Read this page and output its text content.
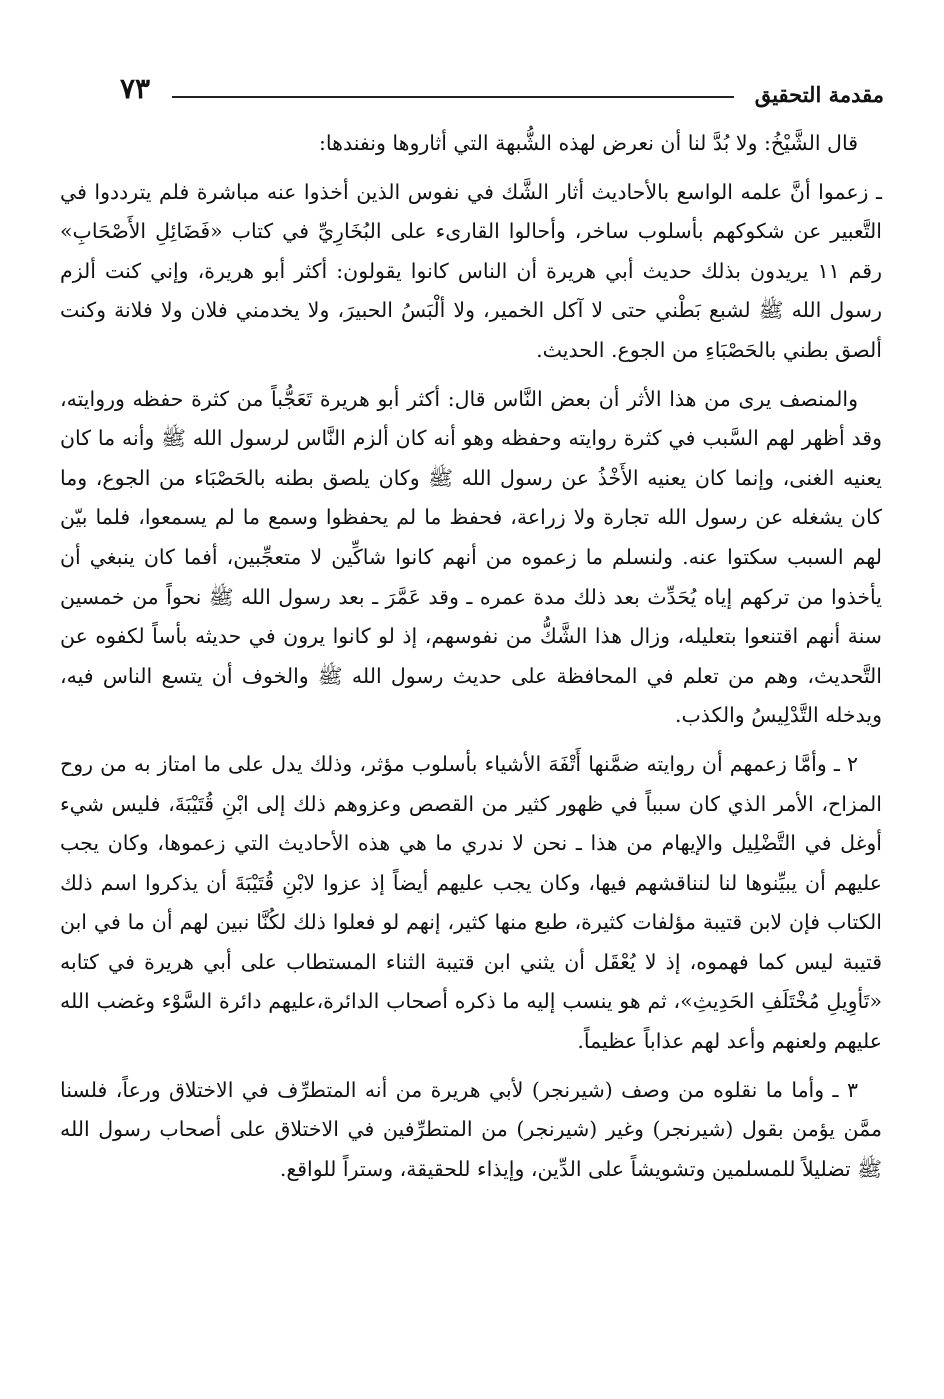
٧٣	مقدمة التحقيق

قال الشَّيْخُ: ولا بُدَّ لنا أن نعرض لهذه الشُّبهة التي أثاروها ونفندها:

ـ زعموا أنَّ علمه الواسع بالأحاديث أثار الشَّك في نفوس الذين أخذوا عنه مباشرة فلم يترددوا في التَّعبير عن شكوكهم بأسلوب ساخر، وأحالوا القارىء على البُخَارِيِّ في كتاب «فَضَائِلِ الأَصْحَابِ» رقم ١١ يريدون بذلك حديث أبي هريرة أن الناس كانوا يقولون: أكثر أبو هريرة، وإني كنت ألزم رسول الله ﷺ لشبع بَطْني حتى لا آكل الخمير، ولا ألْبَسُ الحبيرَ، ولا يخدمني فلان ولا فلانة وكنت ألصق بطني بالحَصْبَاءِ من الجوع. الحديث.

والمنصف يرى من هذا الأثر أن بعض النَّاس قال: أكثر أبو هريرة تَعَجُّباً من كثرة حفظه وروايته، وقد أظهر لهم السَّبب في كثرة روايته وحفظه وهو أنه كان ألزم النَّاس لرسول الله ﷺ وأنه ما كان يعنيه الغنى، وإنما كان يعنيه الأَخْذُ عن رسول الله ﷺ وكان يلصق بطنه بالحَصْبَاء من الجوع، وما كان يشغله عن رسول الله تجارة ولا زراعة، فحفظ ما لم يحفظوا وسمع ما لم يسمعوا، فلما بيّن لهم السبب سكتوا عنه. ولنسلم ما زعموه من أنهم كانوا شاكِّين لا متعجِّبين، أفما كان ينبغي أن يأخذوا من تركهم إياه يُحَدِّث بعد ذلك مدة عمره ـ وقد عَمَّرَ ـ بعد رسول الله ﷺ نحواً من خمسين سنة أنهم اقتنعوا بتعليله، وزال هذا الشَّكُّ من نفوسهم، إذ لو كانوا يرون في حديثه بأساً لكفوه عن التَّحديث، وهم من تعلم في المحافظة على حديث رسول الله ﷺ والخوف أن يتسع الناس فيه، ويدخله التَّدْلِيسُ والكذب.

٢ ـ وأمَّا زعمهم أن روايته ضمَّنها أَتْفَهَ الأشياء بأسلوب مؤثر، وذلك يدل على ما امتاز به من روح المزاح، الأمر الذي كان سبباً في ظهور كثير من القصص وعزوهم ذلك إلى ابْنِ قُتَيْبَةَ، فليس شيء أوغل في التَّضْلِيل والإيهام من هذا ـ نحن لا ندري ما هي هذه الأحاديث التي زعموها، وكان يجب عليهم أن يبيِّنوها لنا لنناقشهم فيها، وكان يجب عليهم أيضاً إذ عزوا لابْنِ قُتَيْبَةَ أن يذكروا اسم ذلك الكتاب فإن لابن قتيبة مؤلفات كثيرة، طبع منها كثير، إنهم لو فعلوا ذلك لكُنَّا نبين لهم أن ما في ابن قتيبة ليس كما فهموه، إذ لا يُعْقَل أن يثني ابن قتيبة الثناء المستطاب على أبي هريرة في كتابه «تَأوِيلِ مُخْتَلَفِ الحَدِيثِ»، ثم هو ينسب إليه ما ذكره أصحاب الدائرة،عليهم دائرة السَّوْء وغضب الله عليهم ولعنهم وأعد لهم عذاباً عظيماً.

٣ ـ وأما ما نقلوه من وصف (شيرنجر) لأبي هريرة من أنه المتطرِّف في الاختلاق ورعاً، فلسنا ممَّن يؤمن بقول (شيرنجر) وغير (شيرنجر) من المتطرِّفين في الاختلاق على أصحاب رسول الله ﷺ تضليلاً للمسلمين وتشويشاً على الدِّين، وإيذاء للحقيقة، وستراً للواقع.
